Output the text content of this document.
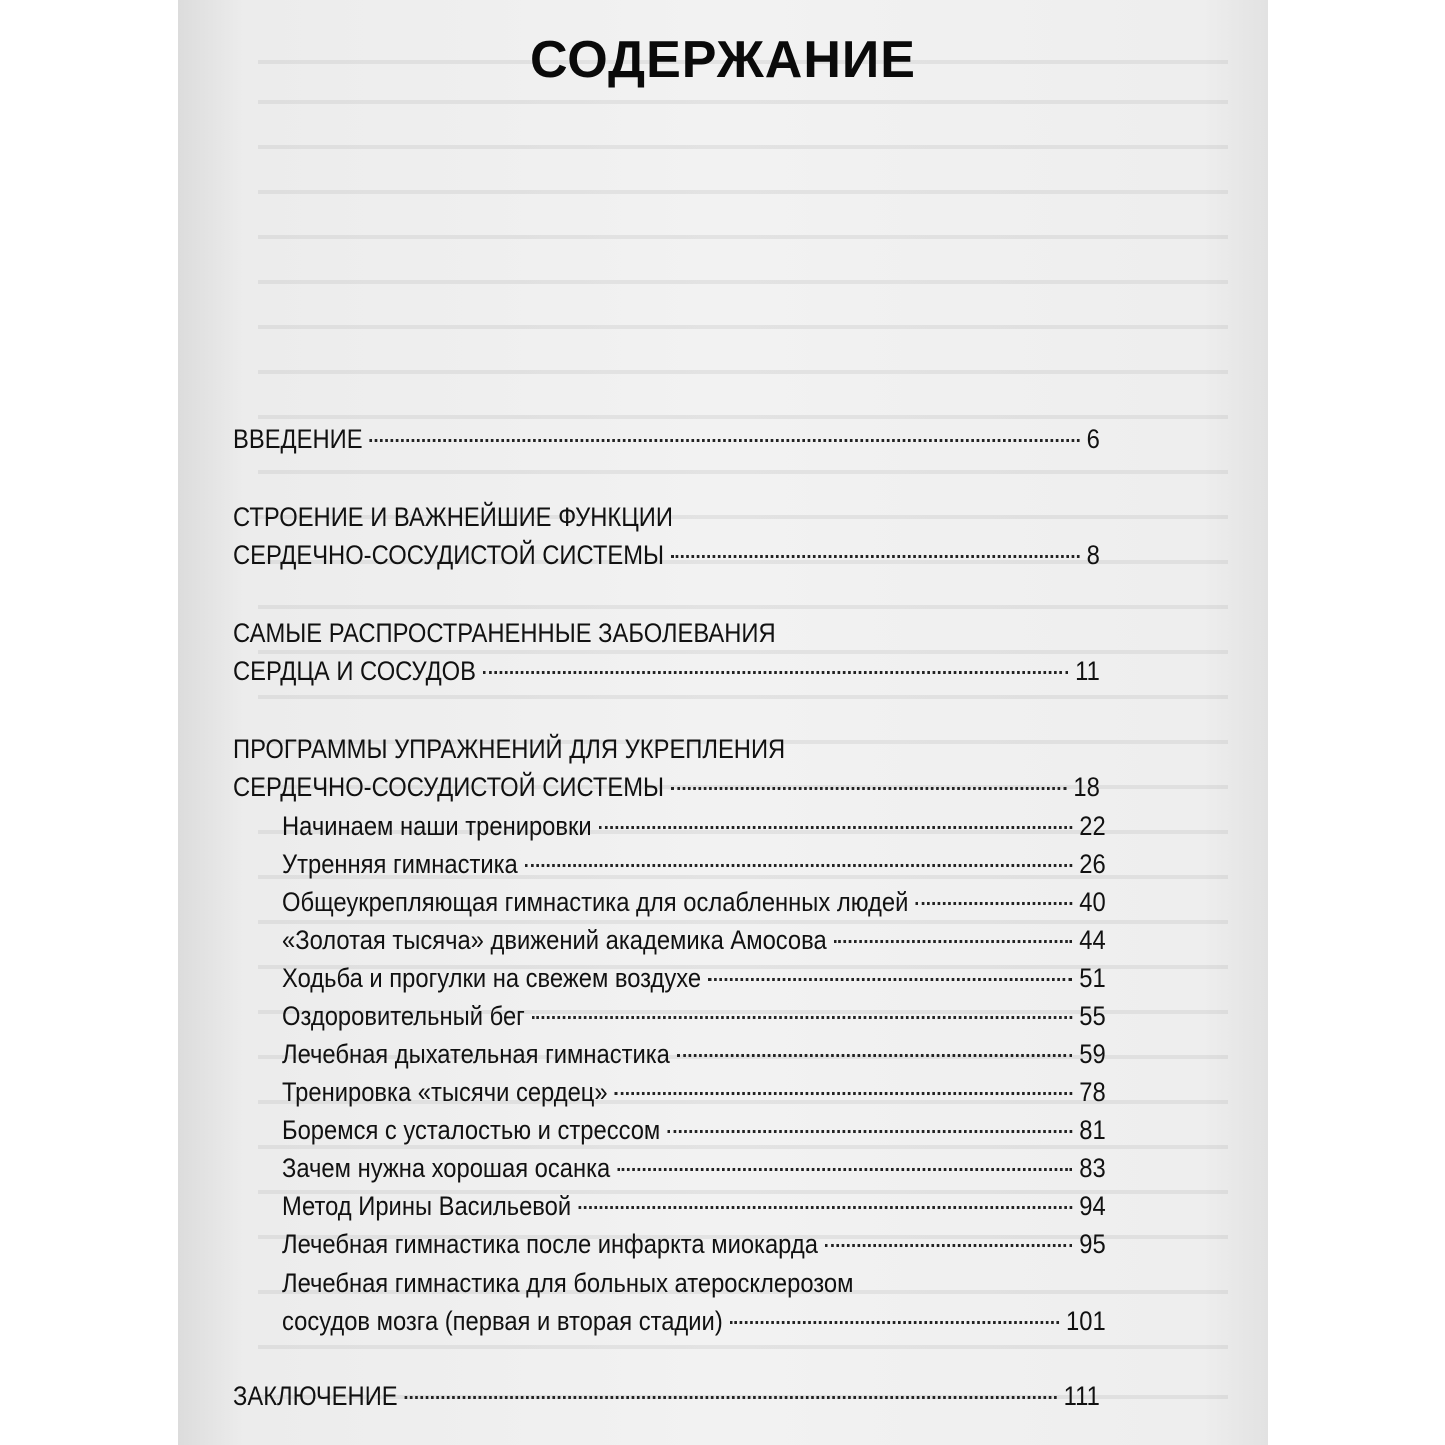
СОДЕРЖАНИЕ
ВВЕДЕНИЕ	6
СТРОЕНИЕ И ВАЖНЕЙШИЕ ФУНКЦИИ
СЕРДЕЧНО-СОСУДИСТОЙ СИСТЕМЫ	8
САМЫЕ РАСПРОСТРАНЕННЫЕ ЗАБОЛЕВАНИЯ
СЕРДЦА И СОСУДОВ	11
ПРОГРАММЫ УПРАЖНЕНИЙ ДЛЯ УКРЕПЛЕНИЯ
СЕРДЕЧНО-СОСУДИСТОЙ СИСТЕМЫ	18
Начинаем наши тренировки	22
Утренняя гимнастика	26
Общеукрепляющая гимнастика для ослабленных людей	40
«Золотая тысяча» движений академика Амосова	44
Ходьба и прогулки на свежем воздухе	51
Оздоровительный бег	55
Лечебная дыхательная гимнастика	59
Тренировка «тысячи сердец»	78
Боремся с усталостью и стрессом	81
Зачем нужна хорошая осанка	83
Метод Ирины Васильевой	94
Лечебная гимнастика после инфаркта миокарда	95
Лечебная гимнастика для больных атеросклерозом
сосудов мозга (первая и вторая стадии)	101
ЗАКЛЮЧЕНИЕ	111
